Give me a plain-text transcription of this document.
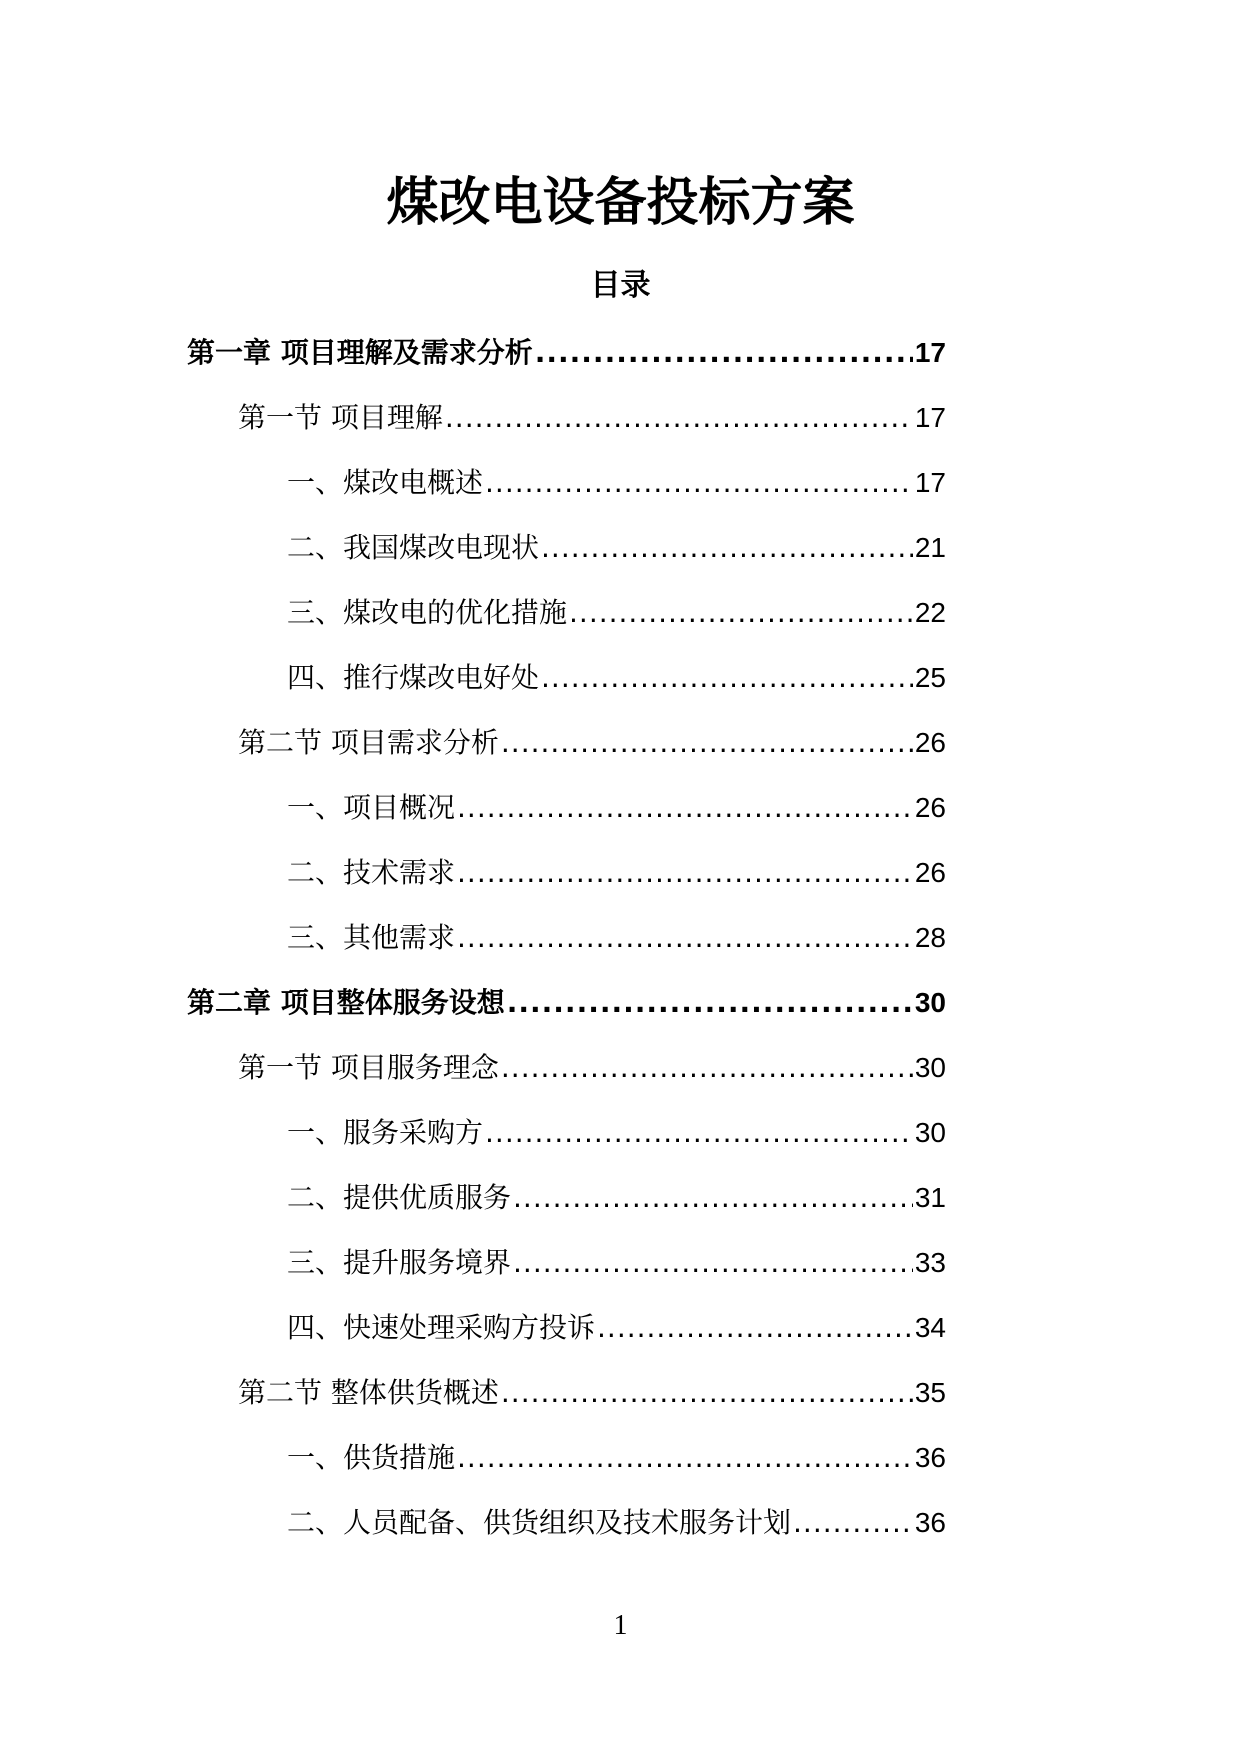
煤改电设备投标方案
目录
第一章 项目理解及需求分析 .....	17
第一节 项目理解 .....	17
一、煤改电概述 .....	17
二、我国煤改电现状 .....	21
三、煤改电的优化措施 .....	22
四、推行煤改电好处 .....	25
第二节 项目需求分析 .....	26
一、项目概况 .....	26
二、技术需求 .....	26
三、其他需求 .....	28
第二章 项目整体服务设想 .....	30
第一节 项目服务理念 .....	30
一、服务采购方 .....	30
二、提供优质服务 .....	31
三、提升服务境界 .....	33
四、快速处理采购方投诉 .....	34
第二节 整体供货概述 .....	35
一、供货措施 .....	36
二、人员配备、供货组织及技术服务计划 .....	36
1
